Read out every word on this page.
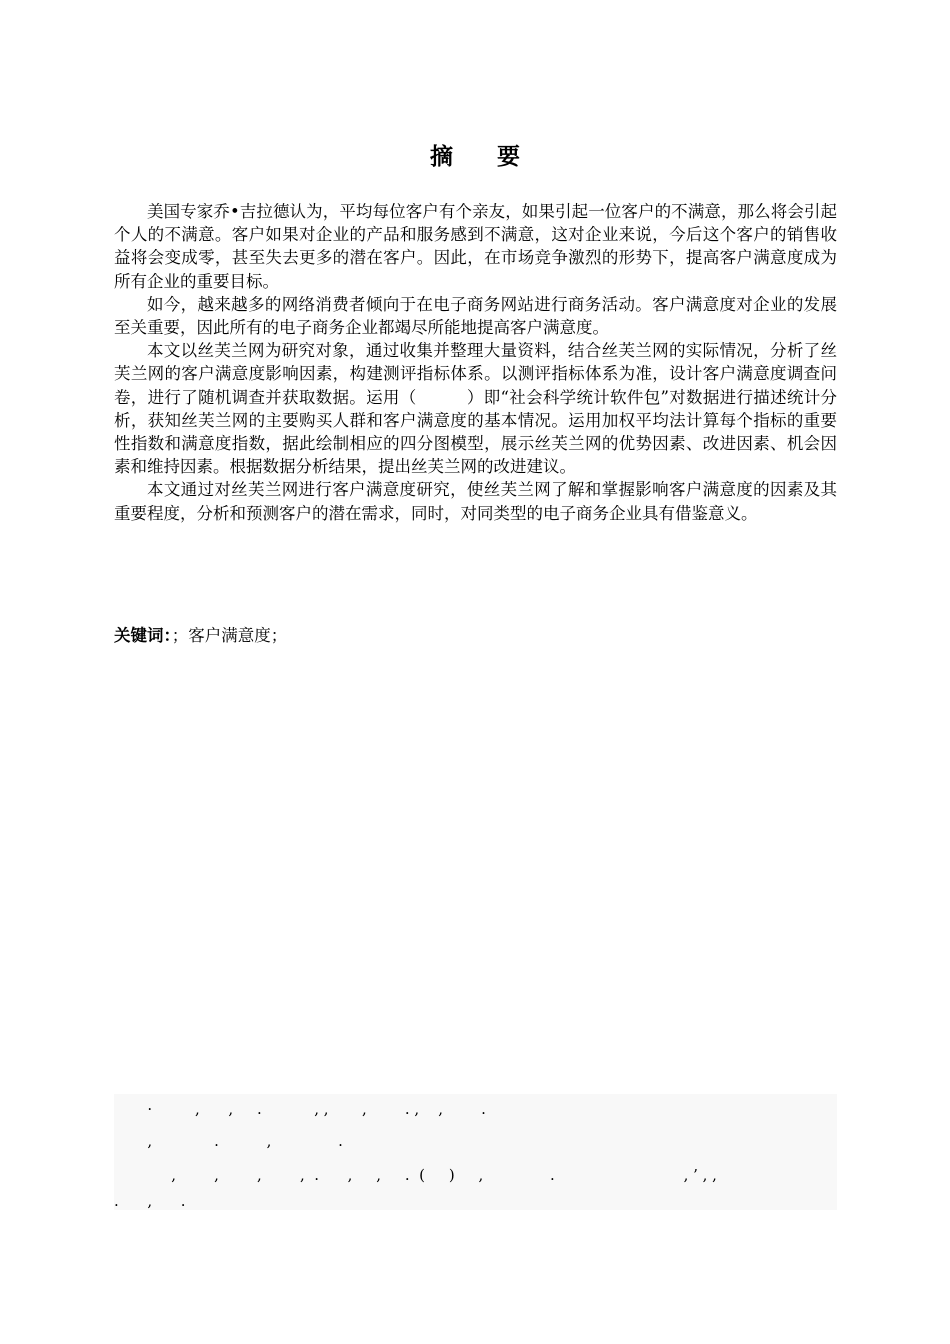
摘要

美国专家乔•吉拉德认为，平均每位客户有个亲友，如果引起一位客户的不满意，那么将会引起个人的不满意。客户如果对企业的产品和服务感到不满意，这对企业来说，今后这个客户的销售收益将会变成零，甚至失去更多的潜在客户。因此，在市场竞争激烈的形势下，提高客户满意度成为所有企业的重要目标。

如今，越来越多的网络消费者倾向于在电子商务网站进行商务活动。客户满意度对企业的发展至关重要，因此所有的电子商务企业都竭尽所能地提高客户满意度。

本文以丝芙兰网为研究对象，通过收集并整理大量资料，结合丝芙兰网的实际情况，分析了丝芙兰网的客户满意度影响因素，构建测评指标体系。以测评指标体系为准，设计客户满意度调查问卷，进行了随机调查并获取数据。运用（　　　）即“社会科学统计软件包”对数据进行描述统计分析，获知丝芙兰网的主要购买人群和客户满意度的基本情况。运用加权平均法计算每个指标的重要性指数和满意度指数，据此绘制相应的四分图模型，展示丝芙兰网的优势因素、改进因素、机会因素和维持因素。根据数据分析结果，提出丝芙兰网的改进建议。

本文通过对丝芙兰网进行客户满意度研究，使丝芙兰网了解和掌握影响客户满意度的因素及其重要程度，分析和预测客户的潜在需求，同时，对同类型的电子商务企业具有借鉴意义。

关键词：；客户满意度；
·         ,      ,     .           , ,       ,        . ,    ,        .
,             .          ,              .
,        ,        ,        ,  .      ,     ,     .  (     )     ,              .                           , ’ , ,
.      ,      .
